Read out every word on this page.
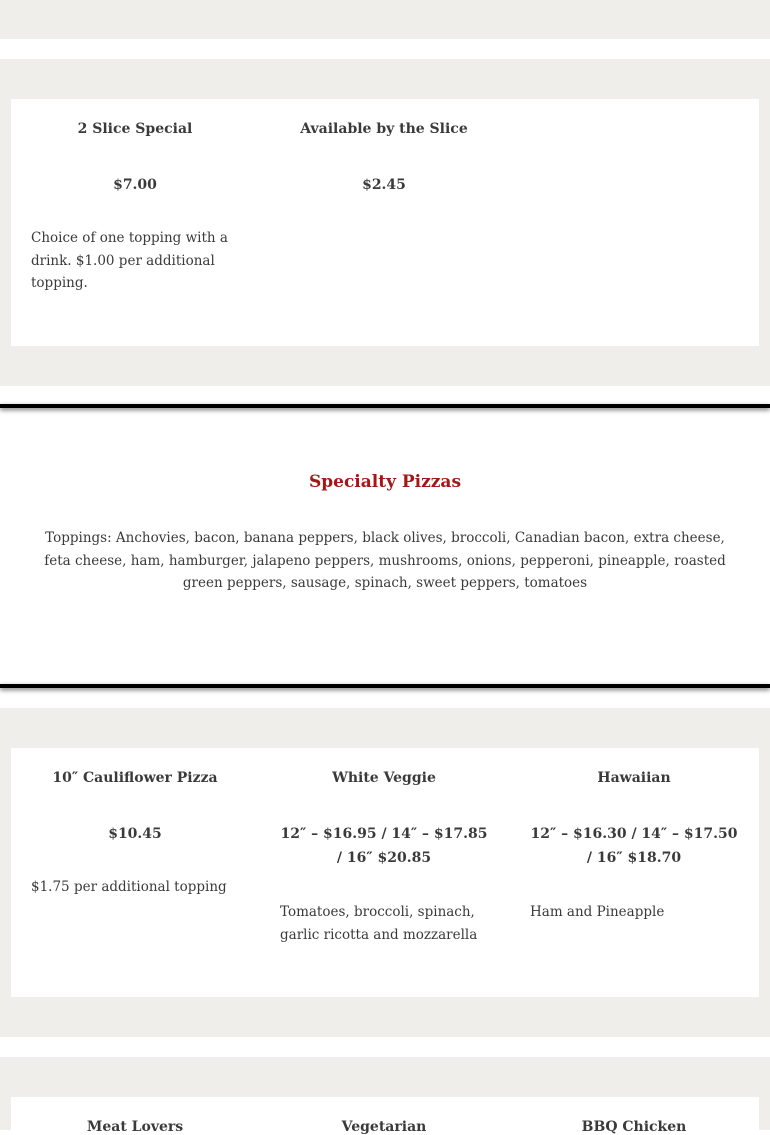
2 Slice Special
$7.00
Choice of one topping with a drink. $1.00 per additional topping.
Available by the Slice
$2.45
Specialty Pizzas
Toppings: Anchovies, bacon, banana peppers, black olives, broccoli, Canadian bacon, extra cheese, feta cheese, ham, hamburger, jalapeno peppers, mushrooms, onions, pepperoni, pineapple, roasted green peppers, sausage, spinach, sweet peppers, tomatoes
10″ Cauliflower Pizza
$10.45
$1.75 per additional topping
White Veggie
12″ – $16.95 / 14″ – $17.85 / 16″ $20.85
Tomatoes, broccoli, spinach, garlic ricotta and mozzarella
Hawaiian
12″ – $16.30 / 14″ – $17.50 / 16″ $18.70
Ham and Pineapple
Meat Lovers	Vegetarian	BBQ Chicken
